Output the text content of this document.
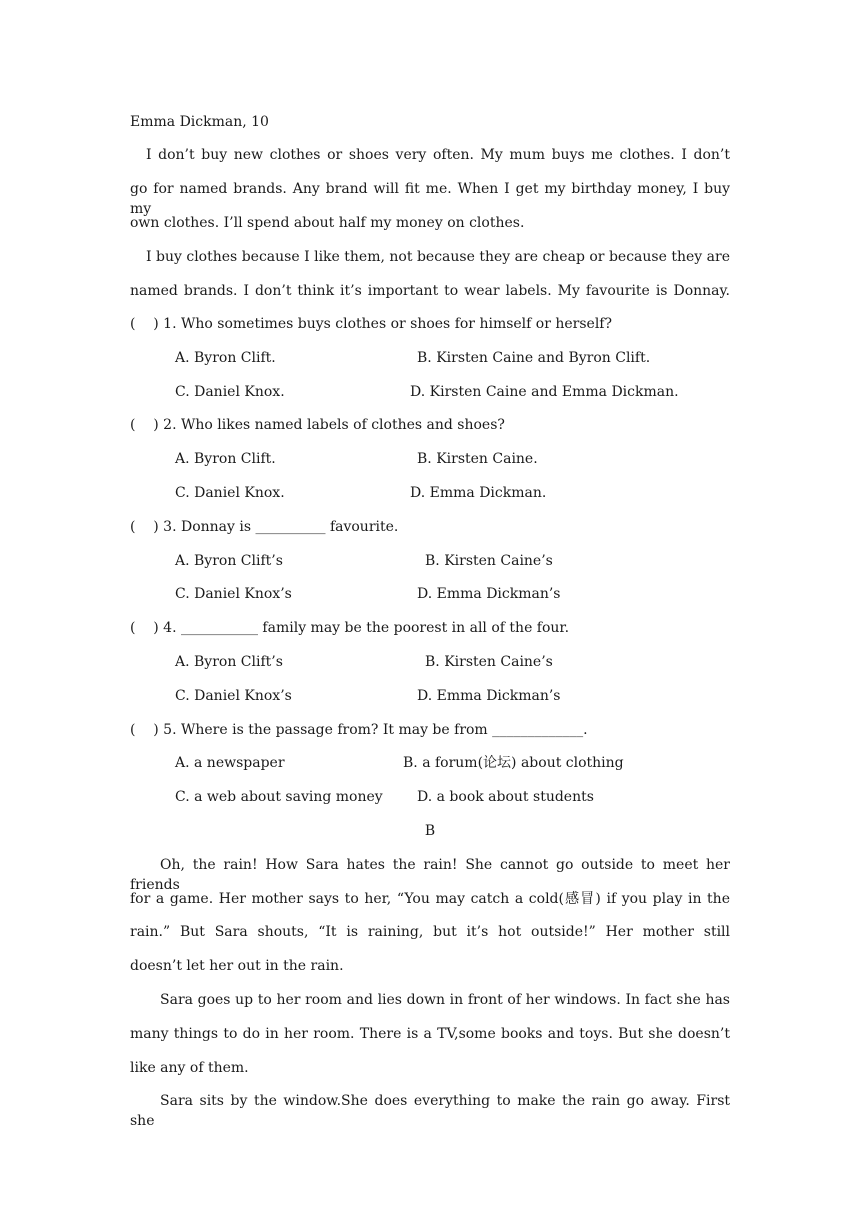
Emma Dickman, 10
I don’t buy new clothes or shoes very often. My mum buys me clothes. I don’t
go for named brands. Any brand will fit me. When I get my birthday money, I buy my
own clothes. I’ll spend about half my money on clothes.
I buy clothes because I like them, not because they are cheap or because they are
named brands. I don’t think it’s important to wear labels. My favourite is Donnay.
(    ) 1. Who sometimes buys clothes or shoes for himself or herself?
A. Byron Clift.	B. Kirsten Caine and Byron Clift.
C. Daniel Knox.	D. Kirsten Caine and Emma Dickman.
(    ) 2. Who likes named labels of clothes and shoes?
A. Byron Clift.	B. Kirsten Caine.
C. Daniel Knox.	D. Emma Dickman.
(    ) 3. Donnay is __________ favourite.
A. Byron Clift’s	B. Kirsten Caine’s
C. Daniel Knox’s	D. Emma Dickman’s
(    ) 4. ___________ family may be the poorest in all of the four.
A. Byron Clift’s	B. Kirsten Caine’s
C. Daniel Knox’s	D. Emma Dickman’s
(    ) 5. Where is the passage from? It may be from _____________.
A. a newspaper	B. a forum(论坛) about clothing
C. a web about saving money D. a book about students
B
Oh, the rain! How Sara hates the rain! She cannot go outside to meet her friends
for a game. Her mother says to her, “You may catch a cold(感冒) if you play in the
rain.” But Sara shouts, “It is raining, but it’s hot outside!” Her mother still
doesn’t let her out in the rain.
Sara goes up to her room and lies down in front of her windows. In fact she has
many things to do in her room. There is a TV,some books and toys. But she doesn’t
like any of them.
Sara sits by the window.She does everything to make the rain go away. First she
